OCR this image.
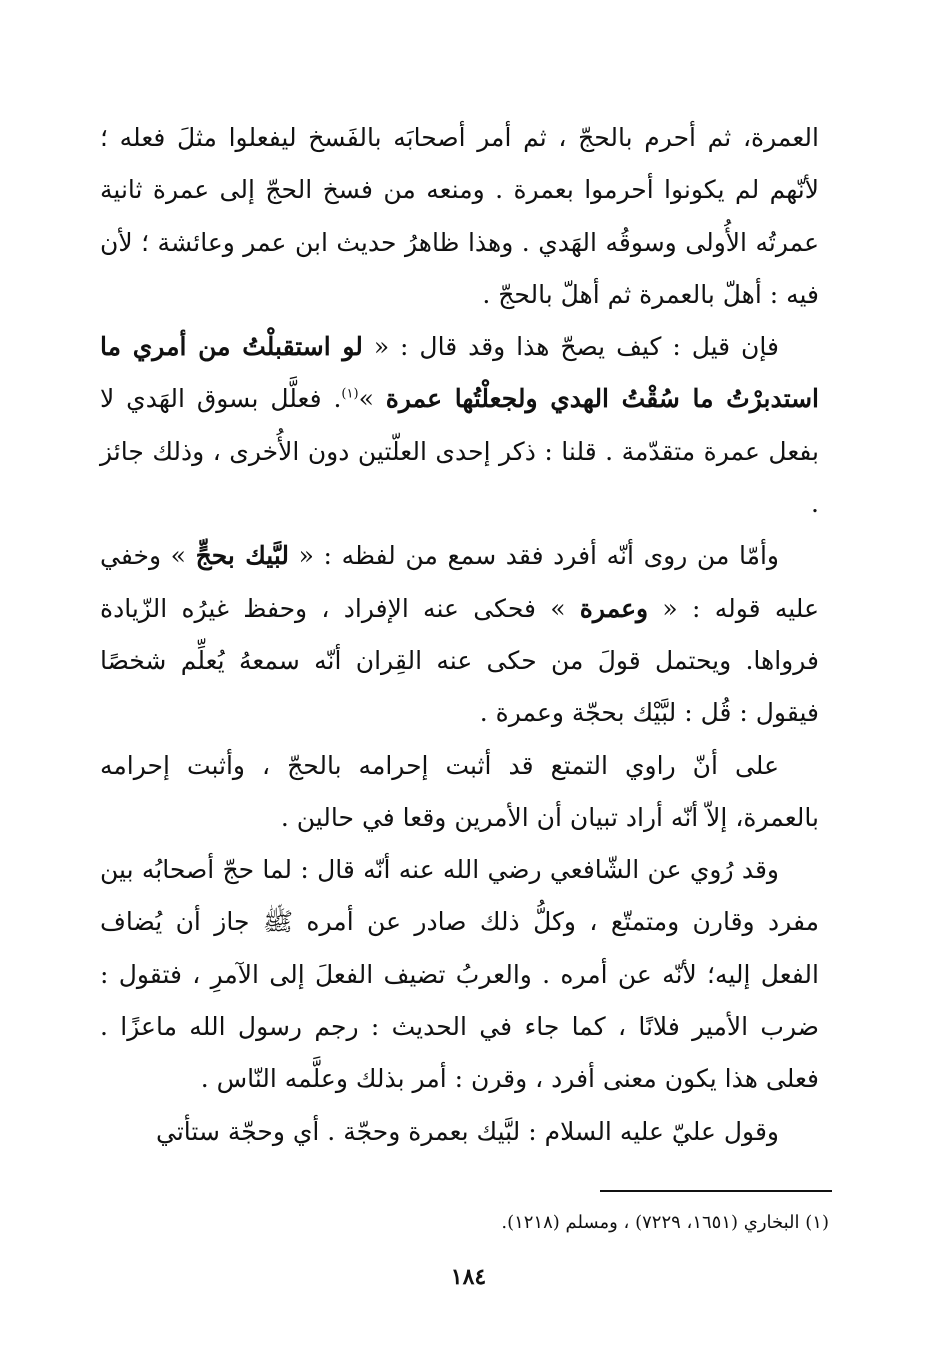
العمرة، ثم أحرم بالحجّ ، ثم أمر أصحابَه بالفَسخ ليفعلوا مثلَ فعله ؛ لأنّهم لم يكونوا أحرموا بعمرة . ومنعه من فسخ الحجّ إلى عمرة ثانية عمرتُه الأُولى وسوقُه الهَدي . وهذا ظاهرُ حديث ابن عمر وعائشة ؛ لأن فيه : أهلّ بالعمرة ثم أهلّ بالحجّ .

فإن قيل : كيف يصحّ هذا وقد قال : « لو استقبلْتُ من أمري ما استدبرْتُ ما سُقْتُ الهدي ولجعلْتُها عمرة »$^{(١)}$. فعلَّل بسوق الهَدي لا بفعل عمرة متقدّمة . قلنا : ذكر إحدى العلّتين دون الأُخرى ، وذلك جائز .

وأمّا من روى أنّه أفرد فقد سمع من لفظه : « لبَّيك بحجٍّ » وخفي عليه قوله : « وعمرة » فحكى عنه الإفراد ، وحفظ غيرُه الزّيادة فرواها. ويحتمل قولَ من حكى عنه القِران أنّه سمعهُ يُعلِّم شخصًا فيقول : قُل : لبَّيْك بحجّة وعمرة .

على أنّ راوي التمتع قد أثبت إحرامه بالحجّ ، وأثبت إحرامه بالعمرة، إلاّ أنّه أراد تبيان أن الأمرين وقعا في حالين .

وقد رُوي عن الشّافعي رضي الله عنه أنّه قال : لما حجّ أصحابُه بين مفرد وقارن ومتمتّع ، وكلُّ ذلك صادر عن أمره ﷺ جاز أن يُضاف الفعل إليه؛ لأنّه عن أمره . والعربُ تضيف الفعلَ إلى الآمرِ ، فتقول : ضرب الأمير فلانًا ، كما جاء في الحديث : رجم رسول الله ماعزًا . فعلى هذا يكون معنى أفرد ، وقرن : أمر بذلك وعلَّمه النّاس .

وقول عليّ عليه السلام : لبَّيك بعمرة وحجّة . أي وحجّة ستأتي

(١) البخاري (١٦٥١، ٧٢٢٩) ، ومسلم (١٢١٨).
١٨٤
